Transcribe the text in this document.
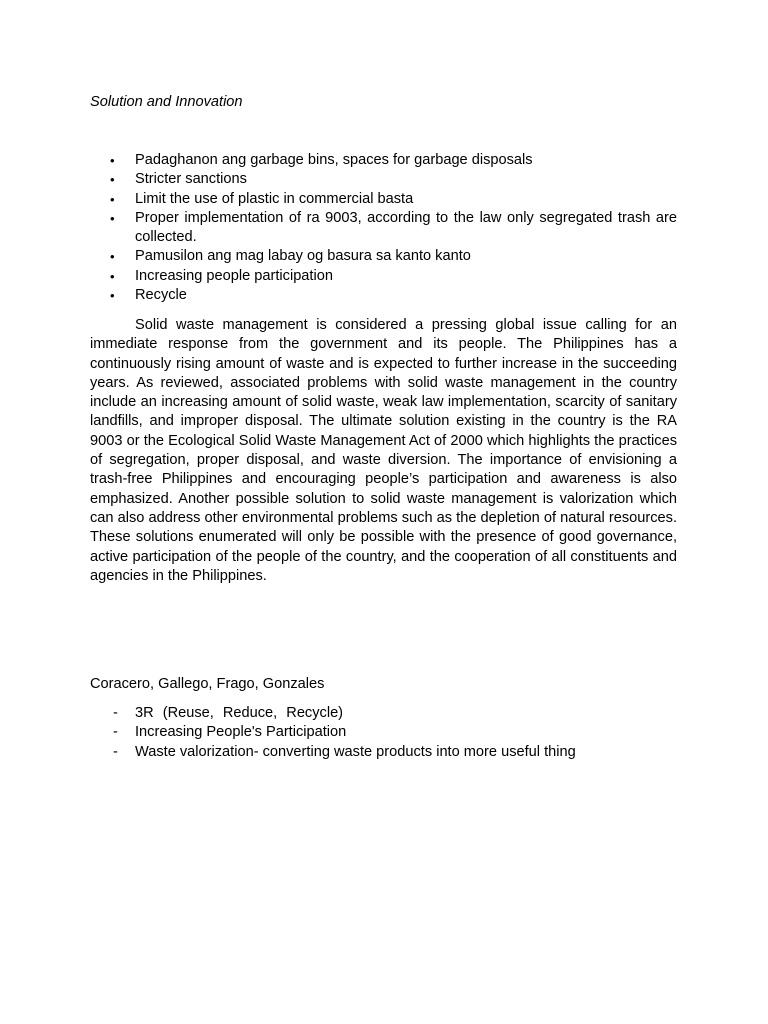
Solution and Innovation
• Padaghanon ang garbage bins, spaces for garbage disposals
• Stricter sanctions
• Limit the use of plastic in commercial basta
• Proper implementation of ra 9003, according to the law only segregated trash are collected.
• Pamusilon ang mag labay og basura sa kanto kanto
• Increasing people participation
• Recycle

Solid waste management is considered a pressing global issue calling for an immediate response from the government and its people. The Philippines has a continuously rising amount of waste and is expected to further increase in the succeeding years. As reviewed, associated problems with solid waste management in the country include an increasing amount of solid waste, weak law implementation, scarcity of sanitary landfills, and improper disposal. The ultimate solution existing in the country is the RA 9003 or the Ecological Solid Waste Management Act of 2000 which highlights the practices of segregation, proper disposal, and waste diversion. The importance of envisioning a trash-free Philippines and encouraging people’s participation and awareness is also emphasized. Another possible solution to solid waste management is valorization which can also address other environmental problems such as the depletion of natural resources. These solutions enumerated will only be possible with the presence of good governance, active participation of the people of the country, and the cooperation of all constituents and agencies in the Philippines.

Coracero, Gallego, Frago, Gonzales
- 3R (Reuse, Reduce, Recycle)
- Increasing People's Participation
- Waste valorization- converting waste products into more useful thing
